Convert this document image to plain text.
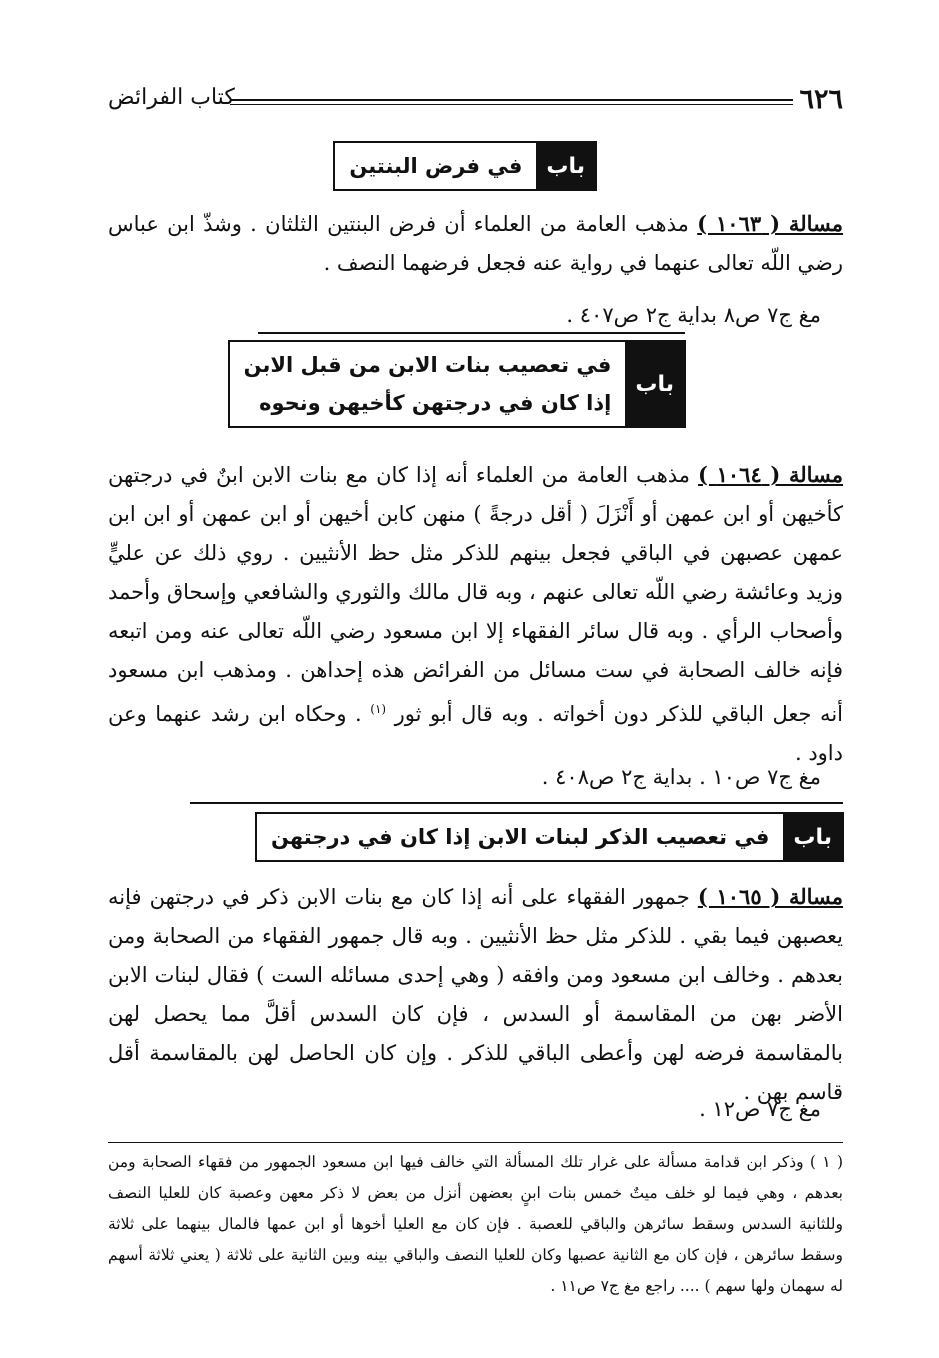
٦٢٦
كتاب الفرائض
باب
في فرض البنتين
مسالة ( ١٠٦٣ ) مذهب العامة من العلماء أن فرض البنتين الثلثان . وشذّ ابن عباس رضي اللّه تعالى عنهما في رواية عنه فجعل فرضهما النصف .
مغ ج٧ ص٨ بداية ج٢ ص٤٠٧ .
باب
في تعصيب بنات الابن من قبل الابن
إذا كان في درجتهن كأخيهن ونحوه
مسالة ( ١٠٦٤ ) مذهب العامة من العلماء أنه إذا كان مع بنات الابن ابنٌ في درجتهن كأخيهن أو ابن عمهن أو أَنْزَلَ ( أقل درجةً ) منهن كابن أخيهن أو ابن عمهن أو ابن ابن عمهن عصبهن في الباقي فجعل بينهم للذكر مثل حظ الأنثيين . روي ذلك عن عليٍّ وزيد وعائشة رضي اللّه تعالى عنهم ، وبه قال مالك والثوري والشافعي وإسحاق وأحمد وأصحاب الرأي . وبه قال سائر الفقهاء إلا ابن مسعود رضي اللّه تعالى عنه ومن اتبعه فإنه خالف الصحابة في ست مسائل من الفرائض هذه إحداهن . ومذهب ابن مسعود أنه جعل الباقي للذكر دون أخواته . وبه قال أبو ثور $^{(١)}$ . وحكاه ابن رشد عنهما وعن داود .
مغ ج٧ ص١٠ . بداية ج٢ ص٤٠٨ .
باب
في تعصيب الذكر لبنات الابن إذا كان في درجتهن
مسالة ( ١٠٦٥ ) جمهور الفقهاء على أنه إذا كان مع بنات الابن ذكر في درجتهن فإنه يعصبهن فيما بقي . للذكر مثل حظ الأنثيين . وبه قال جمهور الفقهاء من الصحابة ومن بعدهم . وخالف ابن مسعود ومن وافقه ( وهي إحدى مسائله الست ) فقال لبنات الابن الأضر بهن من المقاسمة أو السدس ، فإن كان السدس أقلَّ مما يحصل لهن بالمقاسمة فرضه لهن وأعطى الباقي للذكر . وإن كان الحاصل لهن بالمقاسمة أقل قاسم بهن .
مغ ج٧ ص١٢ .
( ١ ) وذكر ابن قدامة مسألة على غرار تلك المسألة التي خالف فيها ابن مسعود الجمهور من فقهاء الصحابة ومن بعدهم ، وهي فيما لو خلف ميتٌ خمس بنات ابنٍ بعضهن أنزل من بعض لا ذكر معهن وعصبة كان للعليا النصف وللثانية السدس وسقط سائرهن والباقي للعصبة . فإن كان مع العليا أخوها أو ابن عمها فالمال بينهما على ثلاثة وسقط سائرهن ، فإن كان مع الثانية عصبها وكان للعليا النصف والباقي بينه وبين الثانية على ثلاثة ( يعني ثلاثة أسهم له سهمان ولها سهم ) .... راجع مغ ج٧ ص١١ .
